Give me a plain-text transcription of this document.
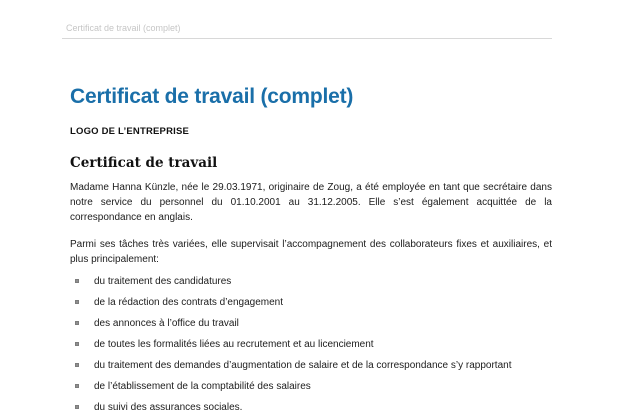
Certificat de travail (complet)
Certificat de travail (complet)
LOGO DE L’ENTREPRISE
Certificat de travail

Madame Hanna Künzle, née le 29.03.1971, originaire de Zoug, a été employée en tant que secrétaire dans notre service du personnel du 01.10.2001 au 31.12.2005. Elle s’est également acquittée de la correspondance en anglais.

Parmi ses tâches très variées, elle supervisait l’accompagnement des collaborateurs fixes et auxiliaires, et plus principalement:

du traitement des candidatures
de la rédaction des contrats d’engagement
des annonces à l’office du travail
de toutes les formalités liées au recrutement et au licenciement
du traitement des demandes d’augmentation de salaire et de la correspondance s’y rapportant
de l’établissement de la comptabilité des salaires
du suivi des assurances sociales.
